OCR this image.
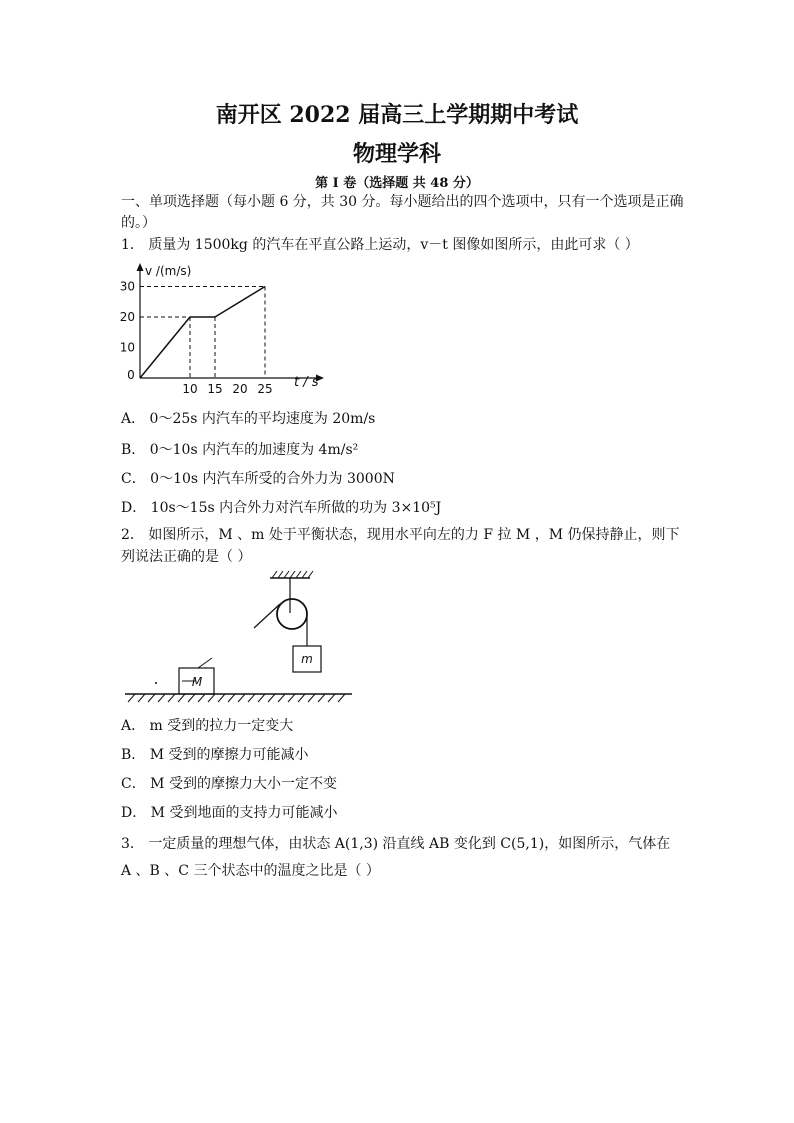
南开区 2022 届高三上学期期中考试
物理学科
第 I 卷（选择题 共 48 分）
一、单项选择题（每小题 6 分，共 30 分。每小题给出的四个选项中，只有一个选项是正确
的。）
1． 质量为 1500kg 的汽车在平直公路上运动，v－t 图像如图所示，由此可求（ ）
0
10 15 20 25
10
20
30
v /(m/s)
t / s
A． 0～25s 内汽车的平均速度为 20m/s
B． 0～10s 内汽车的加速度为 4m/s²
C． 0～10s 内汽车所受的合外力为 3000N
D． 10s～15s 内合外力对汽车所做的功为 3×10⁵J
2． 如图所示，M 、m 处于平衡状态，现用水平向左的力 F 拉 M ，M 仍保持静止，则下
列说法正确的是（ ）
m
M
A． m 受到的拉力一定变大
B． M 受到的摩擦力可能减小
C． M 受到的摩擦力大小一定不变
D． M 受到地面的支持力可能减小
3． 一定质量的理想气体，由状态 A(1,3) 沿直线 AB 变化到 C(5,1)，如图所示，气体在
A 、B 、C 三个状态中的温度之比是（ ）
